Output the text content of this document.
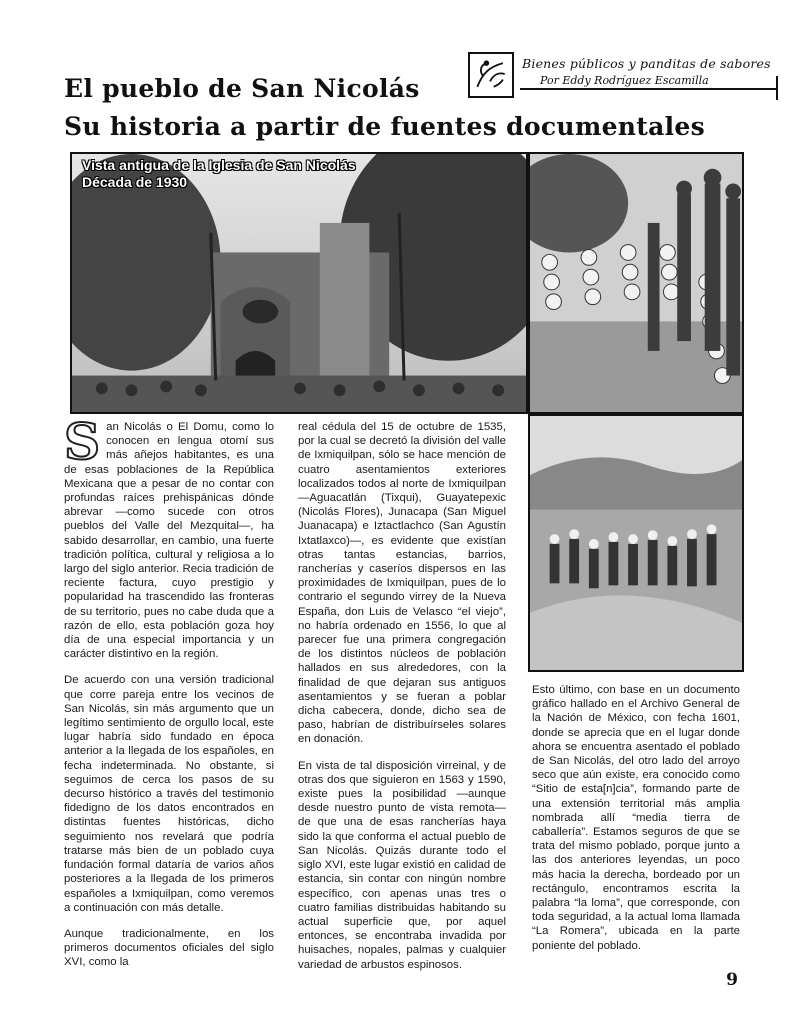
Bienes públicos y panditas de sabores
Por Eddy Rodríguez Escamilla
El pueblo de San Nicolás
Su historia a partir de fuentes documentales
Vista antigua de la Iglesia de San Nicolás
Década de 1930

San Nicolás o El Domu, como lo conocen en lengua otomí sus más añejos habitantes, es una de esas poblaciones de la República Mexicana que a pesar de no contar con profundas raíces prehispánicas dónde abrevar —como sucede con otros pueblos del Valle del Mezquital—, ha sabido desarrollar, en cambio, una fuerte tradición política, cultural y religiosa a lo largo del siglo anterior. Recia tradición de reciente factura, cuyo prestigio y popularidad ha trascendido las fronteras de su territorio, pues no cabe duda que a razón de ello, esta población goza hoy día de una especial importancia y un carácter distintivo en la región.

De acuerdo con una versión tradicional que corre pareja entre los vecinos de San Nicolás, sin más argumento que un legítimo sentimiento de orgullo local, este lugar habría sido fundado en época anterior a la llegada de los españoles, en fecha indeterminada. No obstante, si seguimos de cerca los pasos de su decurso histórico a través del testimonio fidedigno de los datos encontrados en distintas fuentes históricas, dicho seguimiento nos revelará que podría tratarse más bien de un poblado cuya fundación formal dataría de varios años posteriores a la llegada de los primeros españoles a Ixmiquilpan, como veremos a continuación con más detalle.

Aunque tradicionalmente, en los primeros documentos oficiales del siglo XVI, como la

real cédula del 15 de octubre de 1535, por la cual se decretó la división del valle de Ixmiquilpan, sólo se hace mención de cuatro asentamientos exteriores localizados todos al norte de Ixmiquilpan —Aguacatlán (Tixqui), Guayatepexic (Nicolás Flores), Junacapa (San Miguel Juanacapa) e Iztactlachco (San Agustín Ixtatlaxco)—, es evidente que existían otras tantas estancias, barrios, rancherías y caseríos dispersos en las proximidades de Ixmiquilpan, pues de lo contrario el segundo virrey de la Nueva España, don Luis de Velasco “el viejo”, no habría ordenado en 1556, lo que al parecer fue una primera congregación de los distintos núcleos de población hallados en sus alrededores, con la finalidad de que dejaran sus antiguos asentamientos y se fueran a poblar dicha cabecera, donde, dicho sea de paso, habrían de distribuírseles solares en donación.

En vista de tal disposición virreinal, y de otras dos que siguieron en 1563 y 1590, existe pues la posibilidad —aunque desde nuestro punto de vista remota— de que una de esas rancherías haya sido la que conforma el actual pueblo de San Nicolás. Quizás durante todo el siglo XVI, este lugar existió en calidad de estancia, sin contar con ningún nombre específico, con apenas unas tres o cuatro familias distribuidas habitando su actual superficie que, por aquel entonces, se encontraba invadida por huisaches, nopales, palmas y cualquier variedad de arbustos espinosos.

Esto último, con base en un documento gráfico hallado en el Archivo General de la Nación de México, con fecha 1601, donde se aprecia que en el lugar donde ahora se encuentra asentado el poblado de San Nicolás, del otro lado del arroyo seco que aún existe, era conocido como “Sitio de esta[n]cia”, formando parte de una extensión territorial más amplia nombrada allí “media tierra de caballería”. Estamos seguros de que se trata del mismo poblado, porque junto a las dos anteriores leyendas, un poco más hacia la derecha, bordeado por un rectángulo, encontramos escrita la palabra “la loma”, que corresponde, con toda seguridad, a la actual loma llamada “La Romera”, ubicada en la parte poniente del poblado.

9
